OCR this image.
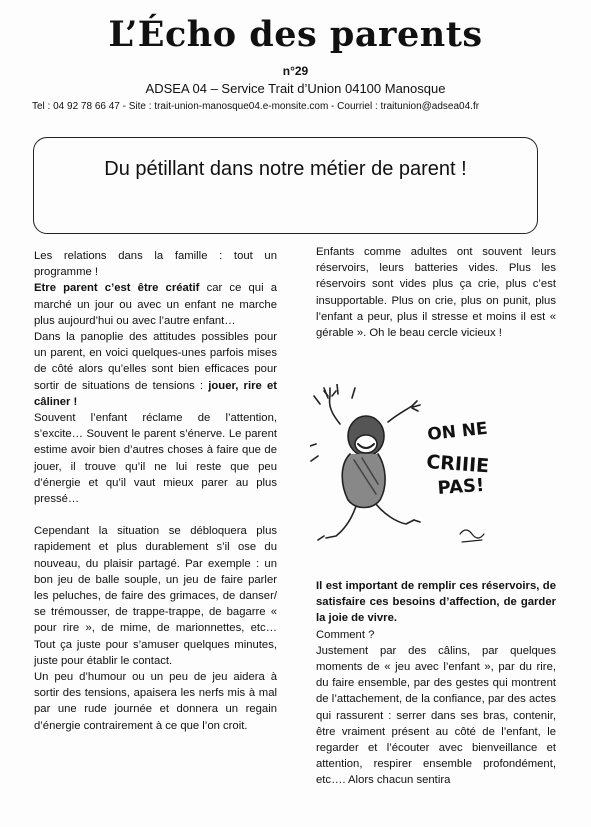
L’Écho des parents
n°29
ADSEA 04 – Service Trait d’Union 04100 Manosque
Tel : 04 92 78 66 47 - Site : trait-union-manosque04.e-monsite.com - Courriel : traitunion@adsea04.fr
Du pétillant dans notre métier de parent !

Les relations dans la famille : tout un programme !

Etre parent c’est être créatif car ce qui a marché un jour ou avec un enfant ne marche plus aujourd’hui ou avec l’autre enfant…

Dans la panoplie des attitudes possibles pour un parent, en voici quelques-unes parfois mises de côté alors qu’elles sont bien efficaces pour sortir de situations de tensions : jouer, rire et câliner !

Souvent l’enfant réclame de l’attention, s’excite… Souvent le parent s’énerve. Le parent estime avoir bien d’autres choses à faire que de jouer, il trouve qu’il ne lui reste que peu d’énergie et qu’il vaut mieux parer au plus pressé…

Cependant la situation se débloquera plus rapidement et plus durablement s’il ose du nouveau, du plaisir partagé. Par exemple : un bon jeu de balle souple, un jeu de faire parler les peluches, de faire des grimaces, de danser/ se trémousser, de trappe-trappe, de bagarre « pour rire », de mime, de marionnettes, etc… Tout ça juste pour s’amuser quelques minutes, juste pour établir le contact.

Un peu d’humour ou un peu de jeu aidera à sortir des tensions, apaisera les nerfs mis à mal par une rude journée et donnera un regain d’énergie contrairement à ce que l’on croit.

Enfants comme adultes ont souvent leurs réservoirs, leurs batteries vides. Plus les réservoirs sont vides plus ça crie, plus c’est insupportable. Plus on crie, plus on punit, plus l’enfant a peur, plus il stresse et moins il est « gérable ». Oh le beau cercle vicieux !

ON NE
CRIIIE
PAS!

Il est important de remplir ces réservoirs, de satisfaire ces besoins d’affection, de garder la joie de vivre.

Comment ?

Justement par des câlins, par quelques moments de « jeu avec l’enfant », par du rire, du faire ensemble, par des gestes qui montrent de l’attachement, de la confiance, par des actes qui rassurent : serrer dans ses bras, contenir, être vraiment présent au côté de l’enfant, le regarder et l’écouter avec bienveillance et attention, respirer ensemble profondément, etc…. Alors chacun sentira
